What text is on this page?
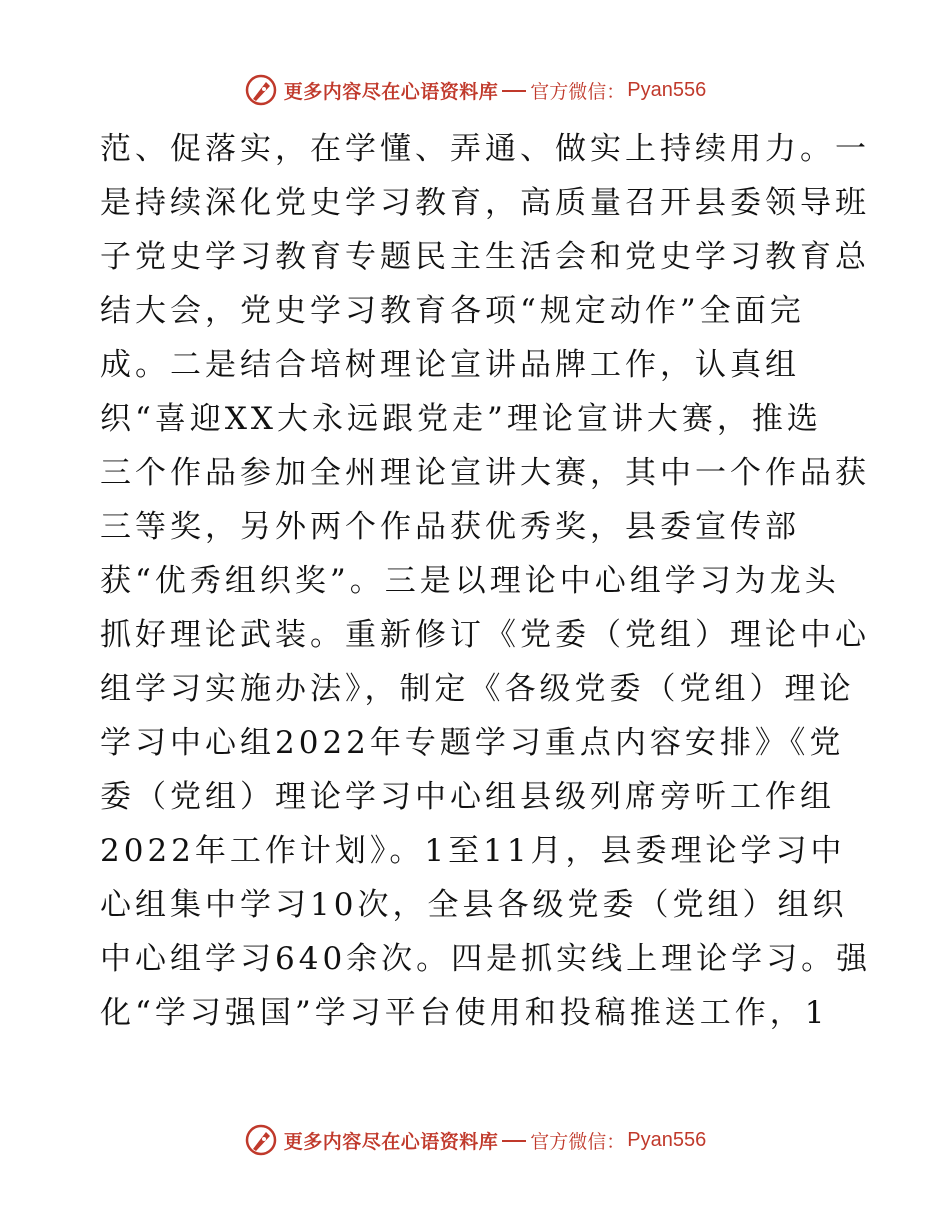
更多内容尽在心语资料库 官方微信： Pyan556
范、促落实，在学懂、弄通、做实上持续用力。一
是持续深化党史学习教育，高质量召开县委领导班
子党史学习教育专题民主生活会和党史学习教育总
结大会，党史学习教育各项“规定动作”全面完
成。二是结合培树理论宣讲品牌工作，认真组
织“喜迎XX大永远跟党走”理论宣讲大赛，推选
三个作品参加全州理论宣讲大赛，其中一个作品获
三等奖，另外两个作品获优秀奖，县委宣传部
获“优秀组织奖”。三是以理论中心组学习为龙头
抓好理论武装。重新修订《党委（党组）理论中心
组学习实施办法》，制定《各级党委（党组）理论
学习中心组2022年专题学习重点内容安排》《党
委（党组）理论学习中心组县级列席旁听工作组
2022年工作计划》。1至11月，县委理论学习中
心组集中学习10次，全县各级党委（党组）组织
中心组学习640余次。四是抓实线上理论学习。强
化“学习强国”学习平台使用和投稿推送工作，1
更多内容尽在心语资料库 官方微信： Pyan556
